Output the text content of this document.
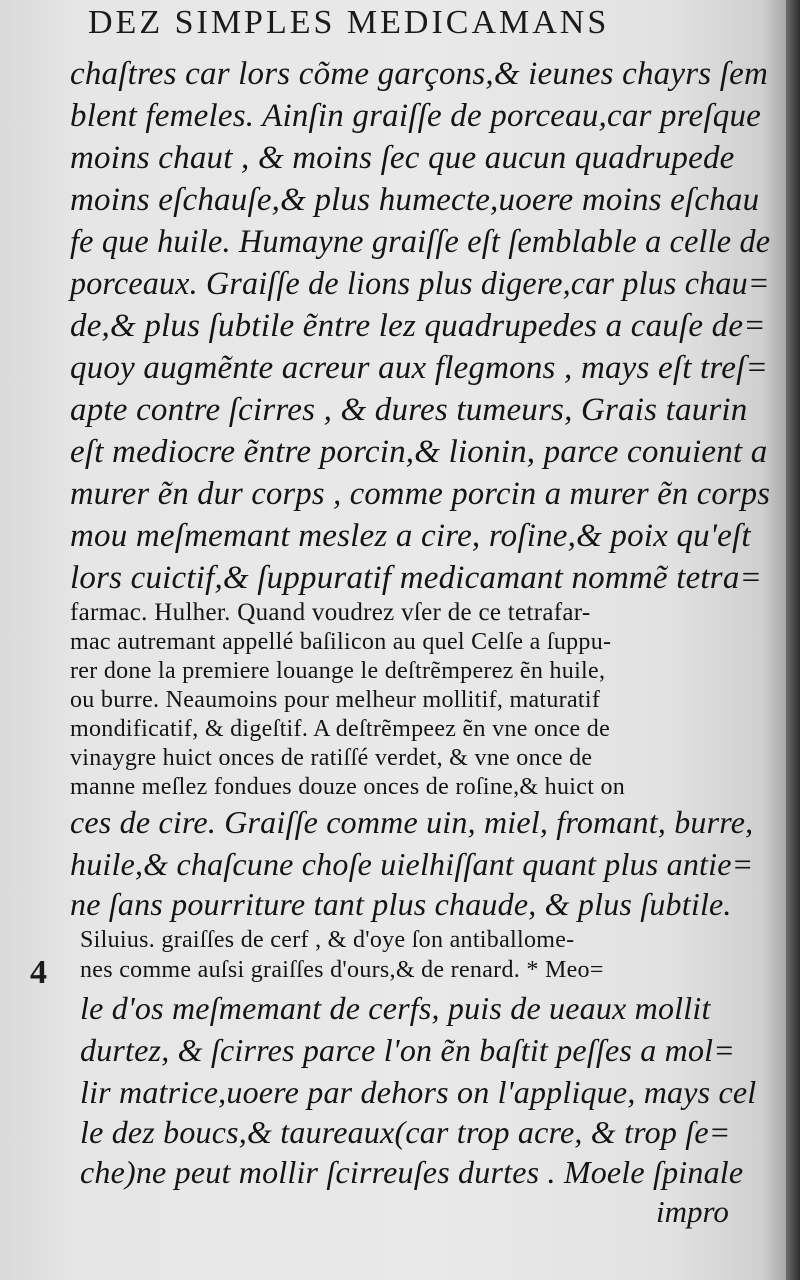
DEZ SIMPLES MEDICAMANS
chaſtres car lors cõme garçons,& ieunes chayrs ſem
blent femeles. Ainſin graiſſe de porceau,car preſque
moins chaut , & moins ſec que aucun quadrupede
moins eſchauſe,& plus humecte,uoere moins eſchau
fe que huile. Humayne graiſſe eſt ſemblable a celle de
porceaux. Graiſſe de lions plus digere,car plus chau=
de,& plus ſubtile ẽntre lez quadrupedes a cauſe de=
quoy augmẽnte acreur aux flegmons , mays eſt treſ=
apte contre ſcirres , & dures tumeurs, Grais taurin
eſt mediocre ẽntre porcin,& lionin, parce conuient a
murer ẽn dur corps , comme porcin a murer ẽn corps
mou meſmemant meslez a cire, roſine,& poix qu'eſt
lors cuictif,& ſuppuratif medicamant nommẽ tetra=
farmac. Hulher. Quand voudrez vſer de ce tetrafar-
mac autremant appellé baſilicon au quel Celſe a ſuppu-
rer done la premiere louange le deſtrẽmperez ẽn huile,
ou burre. Neaumoins pour melheur mollitif, maturatif
mondificatif, & digeſtif. A deſtrẽmpeez ẽn vne once de
vinaygre huict onces de ratiſſé verdet, & vne once de
manne meſlez fondues douze onces de roſine,& huict on
ces de cire. Graiſſe comme uin, miel, fromant, burre,
huile,& chaſcune choſe uielhiſſant quant plus antie=
ne ſans pourriture tant plus chaude, & plus ſubtile.
Siluius. graiſſes de cerf , & d'oye ſon antiballome-
4 nes comme auſsi graiſſes d'ours,& de renard. * Meo=
le d'os meſmemant de cerfs, puis de ueaux mollit
durtez, & ſcirres parce l'on ẽn baſtit peſſes a mol=
lir matrice,uoere par dehors on l'applique, mays cel
le dez boucs,& taureaux(car trop acre, & trop ſe=
che)ne peut mollir ſcirreuſes durtes . Moele ſpinale
impro
